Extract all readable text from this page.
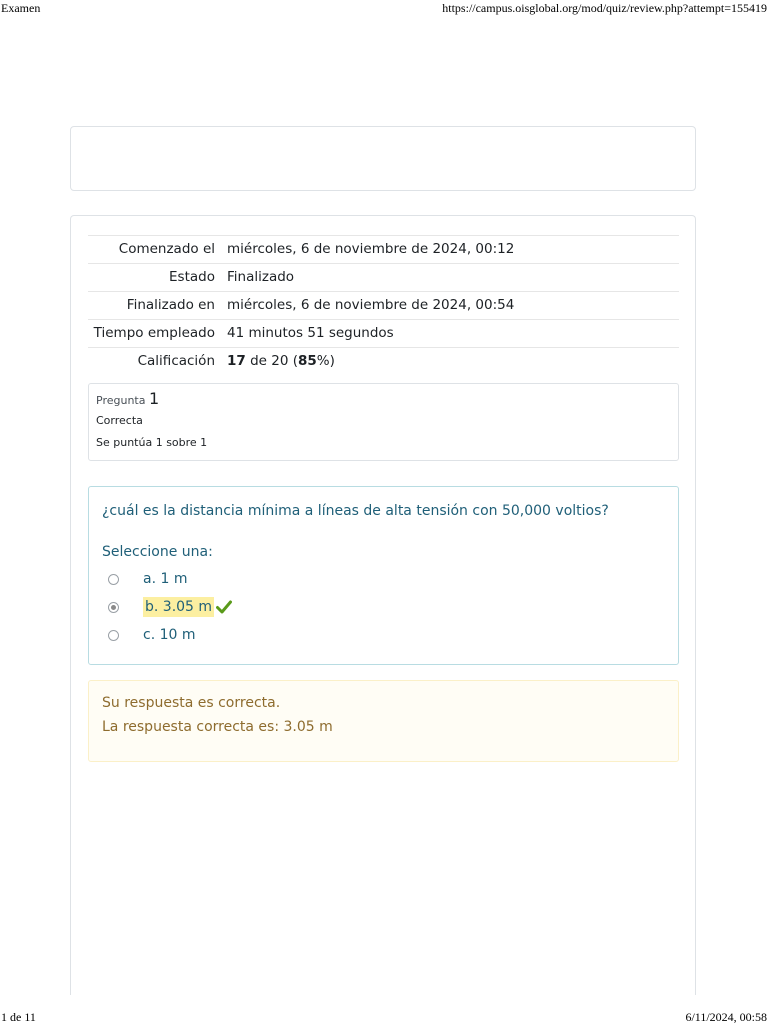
Examen	https://campus.oisglobal.org/mod/quiz/review.php?attempt=155419
Comenzado el	miércoles, 6 de noviembre de 2024, 00:12
Estado	Finalizado
Finalizado en	miércoles, 6 de noviembre de 2024, 00:54
Tiempo empleado	41 minutos 51 segundos
Calificación	17 de 20 (85%)
Pregunta 1
Correcta
Se puntúa 1 sobre 1
¿cuál es la distancia mínima a líneas de alta tensión con 50,000 voltios?
Seleccione una:
a. 1 m
b. 3.05 m
c. 10 m
Su respuesta es correcta.
La respuesta correcta es: 3.05 m
1 de 11	6/11/2024, 00:58
